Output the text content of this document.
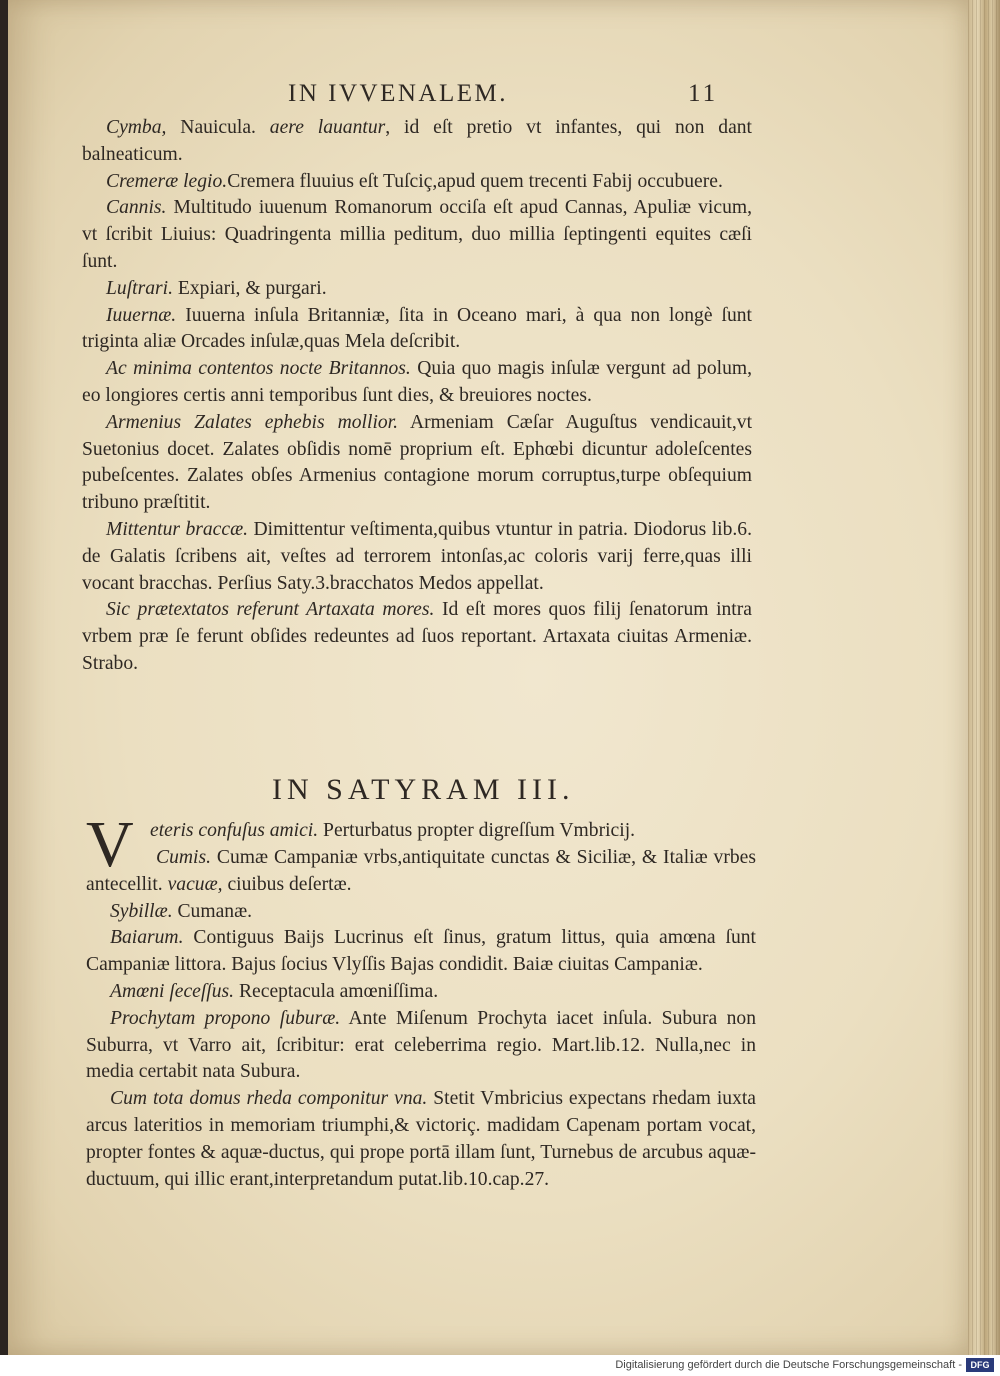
IN IVVENALEM.	11

Cymba, Nauicula. aere lauantur, id eſt pretio vt infantes, qui non dant balneaticum.

Cremeræ legio.Cremera fluuius eſt Tuſciç,apud quem trecenti Fabij occubuere.

Cannis. Multitudo iuuenum Romanorum occiſa eſt apud Cannas, Apuliæ vicum, vt ſcribit Liuius: Quadringenta millia peditum, duo millia ſeptingenti equites cæſi ſunt.

Luſtrari. Expiari, & purgari.

Iuuernæ. Iuuerna inſula Britanniæ, ſita in Oceano mari, à qua non longè ſunt triginta aliæ Orcades inſulæ,quas Mela deſcribit.

Ac minima contentos nocte Britannos. Quia quo magis inſulæ vergunt ad polum, eo longiores certis anni temporibus ſunt dies, & breuiores noctes.

Armenius Zalates ephebis mollior. Armeniam Cæſar Auguſtus vendicauit,vt Suetonius docet. Zalates obſidis nomē proprium eſt. Ephœbi dicuntur adoleſcentes pubeſcentes. Zalates obſes Armenius contagione morum corruptus,turpe obſequium tribuno præſtitit.

Mittentur braccæ. Dimittentur veſtimenta,quibus vtuntur in patria. Diodorus lib.6. de Galatis ſcribens ait, veſtes ad terrorem intonſas,ac coloris varij ferre,quas illi vocant bracchas. Perſius Saty.3.bracchatos Medos appellat.

Sic prætextatos referunt Artaxata mores. Id eſt mores quos filij ſenatorum intra vrbem præ ſe ferunt obſides redeuntes ad ſuos reportant. Artaxata ciuitas Armeniæ. Strabo.

IN SATYRAM III.
V eteris confuſus amici. Perturbatus propter digreſſum Vmbricij.

Cumis. Cumæ Campaniæ vrbs,antiquitate cunctas & Siciliæ, & Italiæ vrbes antecellit. vacuæ, ciuibus deſertæ.

Sybillæ. Cumanæ.

Baiarum. Contiguus Baijs Lucrinus eſt ſinus, gratum littus, quia amœna ſunt Campaniæ littora. Bajus ſocius Vlyſſis Bajas condidit. Baiæ ciuitas Campaniæ.

Amœni ſeceſſus. Receptacula amœniſſima.

Prochytam propono ſuburæ. Ante Miſenum Prochyta iacet inſula. Subura non Suburra, vt Varro ait, ſcribitur: erat celeberrima regio. Mart.lib.12. Nulla,nec in media certabit nata Subura.

Cum tota domus rheda componitur vna. Stetit Vmbricius expectans rhedam iuxta arcus lateritios in memoriam triumphi,& victoriç. madidam Capenam portam vocat, propter fontes & aquæ-ductus, qui prope portā illam ſunt, Turnebus de arcubus aquæ-ductuum, qui illic erant,interpretandum putat.lib.10.cap.27.

Digitalisierung gefördert durch die Deutsche Forschungsgemeinschaft - DFG
